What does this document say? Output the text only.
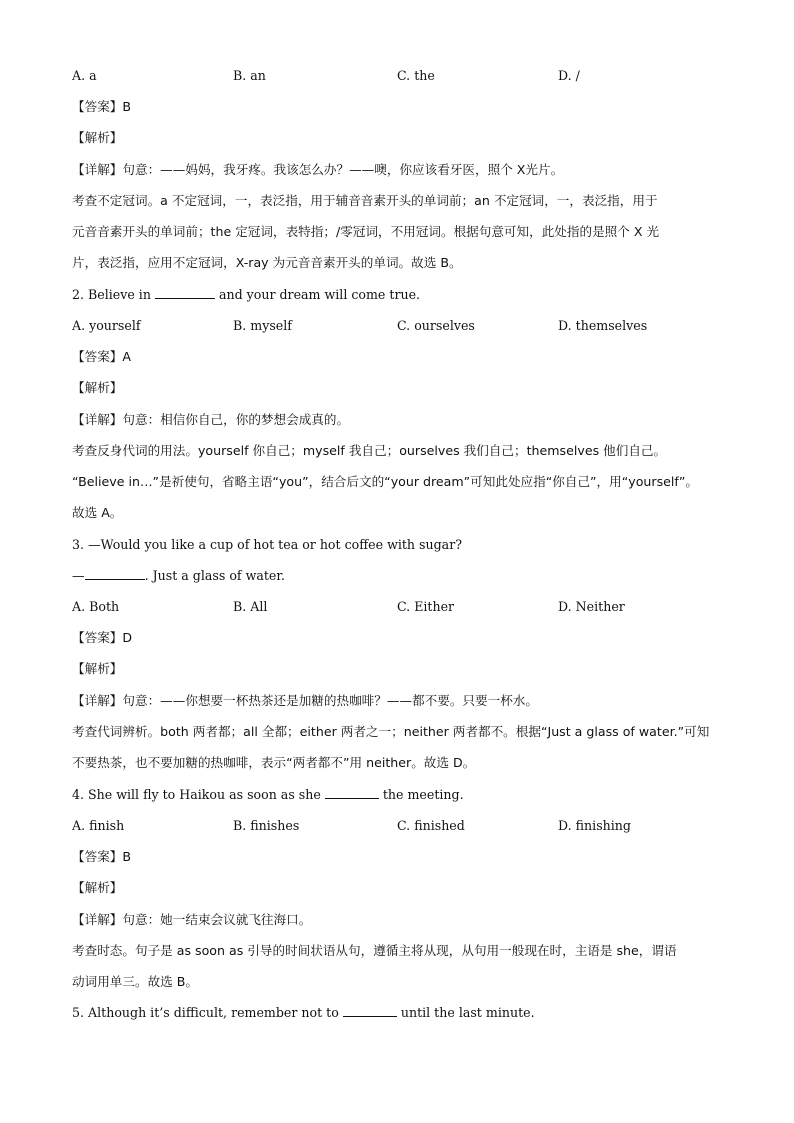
A. a	B. an	C. the	D. /
【答案】B
【解析】
【详解】句意：——妈妈，我牙疼。我该怎么办？——噢，你应该看牙医，照个 X光片。
考查不定冠词。a 不定冠词，一，表泛指，用于辅音音素开头的单词前；an 不定冠词，一，表泛指，用于
元音音素开头的单词前；the 定冠词，表特指；/零冠词，不用冠词。根据句意可知，此处指的是照个 X 光
片，表泛指，应用不定冠词，X-ray 为元音音素开头的单词。故选 B。
2. Believe in	and your dream will come true.
A. yourself	B. myself	C. ourselves	D. themselves
【答案】A
【解析】
【详解】句意：相信你自己，你的梦想会成真的。
考查反身代词的用法。yourself 你自己；myself 我自己；ourselves 我们自己；themselves 他们自己。
“Believe in…”是祈使句，省略主语“you”，结合后文的“your dream”可知此处应指“你自己”，用“yourself”。
故选 A。
3. —Would you like a cup of hot tea or hot coffee with sugar?
—	. Just a glass of water.
A. Both	B. All	C. Either	D. Neither
【答案】D
【解析】
【详解】句意：——你想要一杯热茶还是加糖的热咖啡？——都不要。只要一杯水。
考查代词辨析。both 两者都；all 全都；either 两者之一；neither 两者都不。根据“Just a glass of water.”可知
不要热茶，也不要加糖的热咖啡，表示“两者都不”用 neither。故选 D。
4. She will fly to Haikou as soon as she	the meeting.
A. finish	B. finishes	C. finished	D. finishing
【答案】B
【解析】
【详解】句意：她一结束会议就飞往海口。
考查时态。句子是 as soon as 引导的时间状语从句，遵循主将从现，从句用一般现在时，主语是 she，谓语
动词用单三。故选 B。
5. Although it’s difficult, remember not to	until the last minute.
